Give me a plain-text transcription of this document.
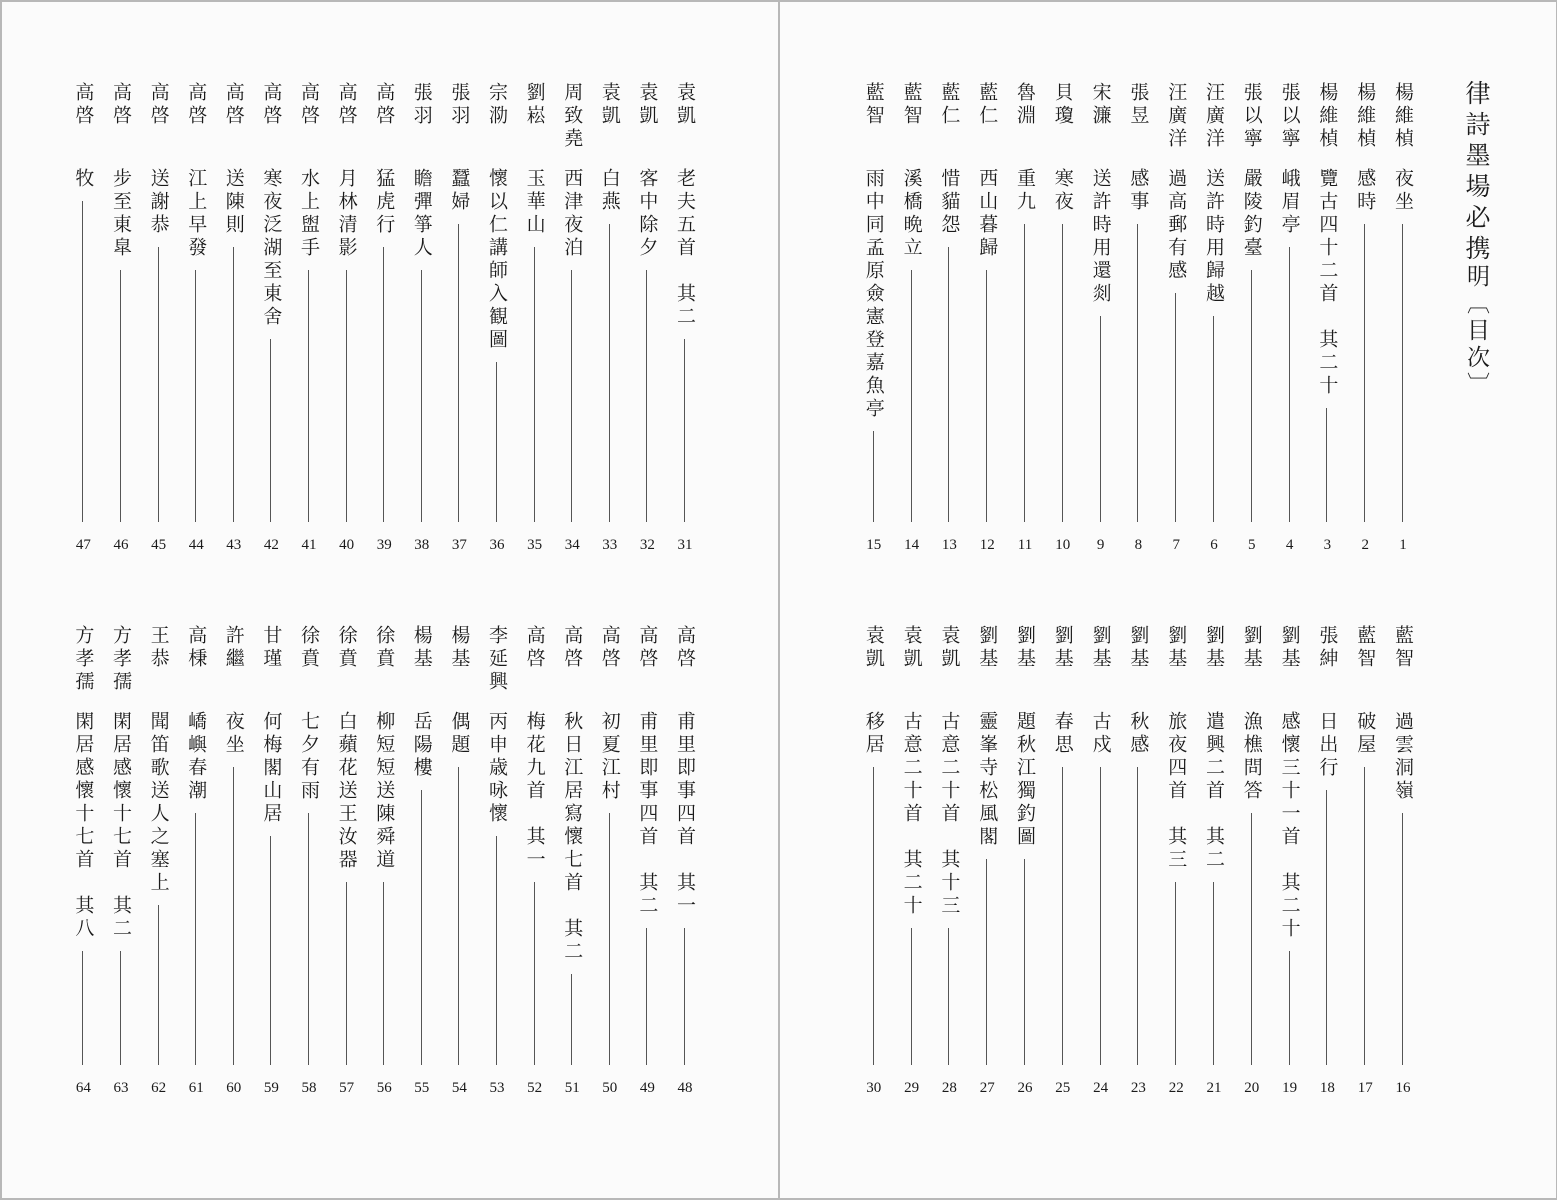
袁凱
老夫五首　其二
31
袁凱
客中除夕
32
袁凱
白燕
33
周致堯
西津夜泊
34
劉崧
玉華山
35
宗泐
懷以仁講師入観圖
36
張羽
蠶婦
37
張羽
瞻彈箏人
38
高啓
猛虎行
39
高啓
月林清影
40
高啓
水上盥手
41
高啓
寒夜泛湖至東舍
42
高啓
送陳則
43
高啓
江上早發
44
高啓
送謝恭
45
高啓
步至東皐
46
高啓
牧
47
高啓
甫里即事四首　其一
48
高啓
甫里即事四首　其二
49
高啓
初夏江村
50
高啓
秋日江居寫懷七首　其二
51
高啓
梅花九首　其一
52
李延興
丙申歳咏懷
53
楊基
偶題
54
楊基
岳陽樓
55
徐賁
柳短短送陳舜道
56
徐賁
白蘋花送王汝器
57
徐賁
七夕有雨
58
甘瑾
何梅閣山居
59
許繼
夜坐
60
高棅
嶠嶼春潮
61
王恭
聞笛歌送人之塞上
62
方孝孺
閑居感懷十七首　其二
63
方孝孺
閑居感懷十七首　其八
64
律詩墨場必携
明〔目次〕
楊維楨
夜坐
1
楊維楨
感時
2
楊維楨
覽古四十二首　其二十
3
張以寧
峨眉亭
4
張以寧
嚴陵釣臺
5
汪廣洋
送許時用歸越
6
汪廣洋
過高郵有感
7
張昱
感事
8
宋濂
送許時用還剡
9
貝瓊
寒夜
10
魯淵
重九
11
藍仁
西山暮歸
12
藍仁
惜貓怨
13
藍智
溪橋晩立
14
藍智
雨中同孟原僉憲登嘉魚亭
15
藍智
過雲洞嶺
16
藍智
破屋
17
張紳
日出行
18
劉基
感懷三十一首　其二十
19
劉基
漁樵問答
20
劉基
遣興二首　其二
21
劉基
旅夜四首　其三
22
劉基
秋感
23
劉基
古戍
24
劉基
春思
25
劉基
題秋江獨釣圖
26
劉基
靈峯寺松風閣
27
袁凱
古意二十首　其十三
28
袁凱
古意二十首　其二十
29
袁凱
移居
30
